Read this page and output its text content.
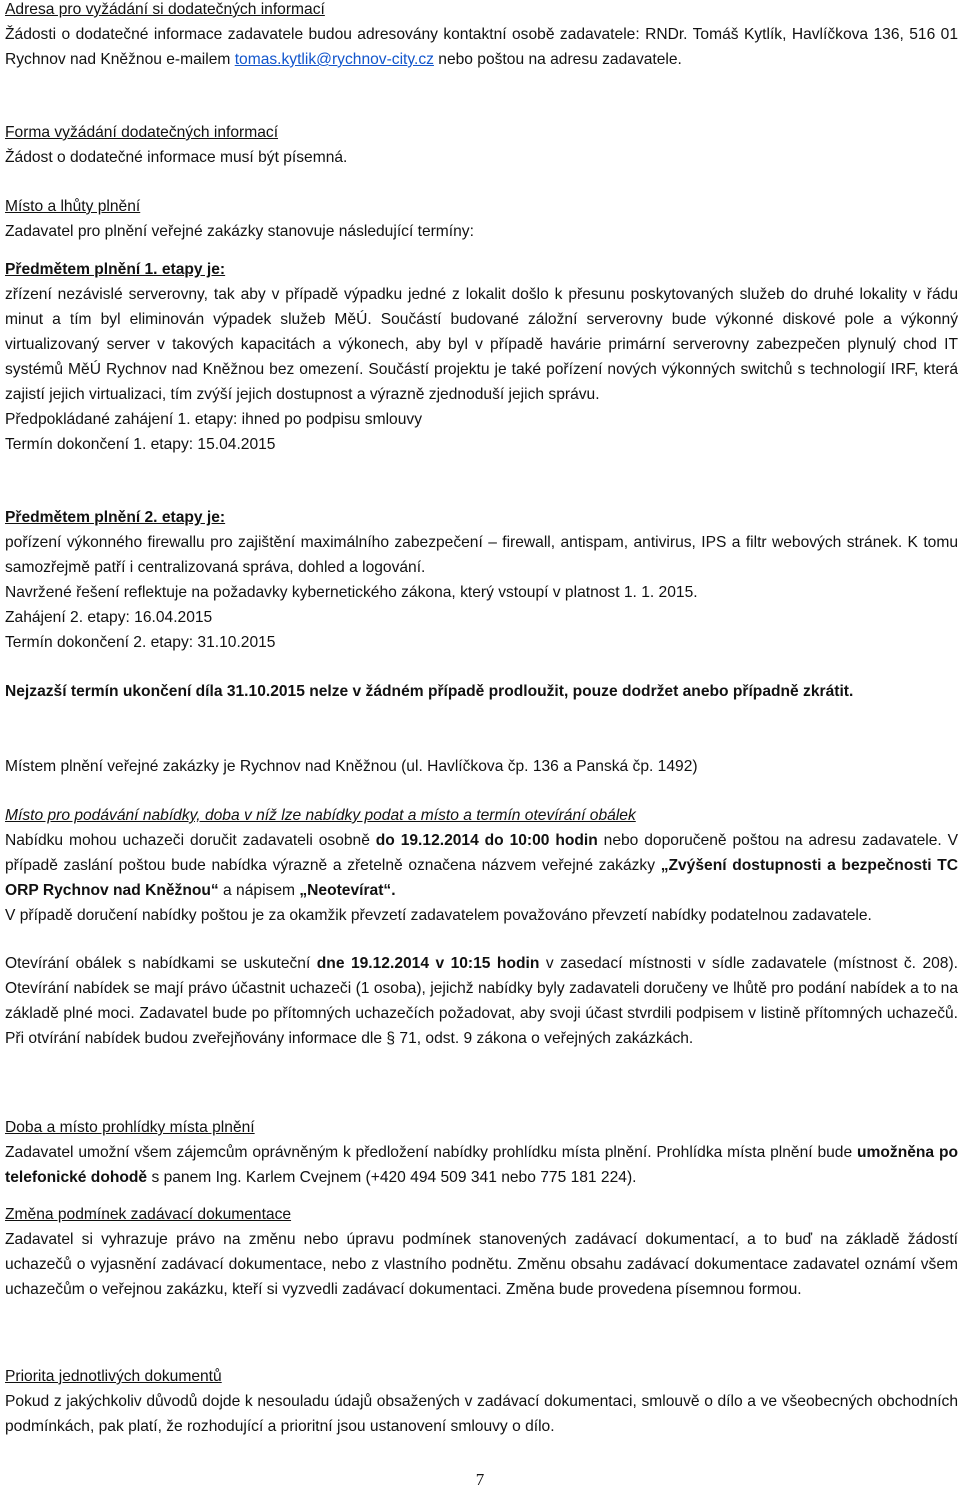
Adresa pro vyžádání si dodatečných informací

Žádosti o dodatečné informace zadavatele budou adresovány kontaktní osobě zadavatele: RNDr. Tomáš Kytlík, Havlíčkova 136, 516 01 Rychnov nad Kněžnou e-mailem tomas.kytlik@rychnov-city.cz nebo poštou na adresu zadavatele.

Forma vyžádání dodatečných informací

Žádost o dodatečné informace musí být písemná.

Místo a lhůty plnění

Zadavatel pro plnění veřejné zakázky stanovuje následující termíny:

Předmětem plnění 1. etapy je:

zřízení nezávislé serverovny, tak aby v případě výpadku jedné z lokalit došlo k přesunu poskytovaných služeb do druhé lokality v řádu minut a tím byl eliminován výpadek služeb MěÚ. Součástí budované záložní serverovny bude výkonné diskové pole a výkonný virtualizovaný server v takových kapacitách a výkonech, aby byl v případě havárie primární serverovny zabezpečen plynulý chod IT systémů MěÚ Rychnov nad Kněžnou bez omezení. Součástí projektu je také pořízení nových výkonných switchů s technologií IRF, která zajistí jejich virtualizaci, tím zvýší jejich dostupnost a výrazně zjednoduší jejich správu.

Předpokládané zahájení 1. etapy: ihned po podpisu smlouvy

Termín dokončení 1. etapy: 15.04.2015

Předmětem plnění 2. etapy je:

pořízení výkonného firewallu pro zajištění maximálního zabezpečení – firewall, antispam, antivirus, IPS a filtr webových stránek. K tomu samozřejmě patří i centralizovaná správa, dohled a logování.

Navržené řešení reflektuje na požadavky kybernetického zákona, který vstoupí v platnost 1. 1. 2015.

Zahájení 2. etapy: 16.04.2015

Termín dokončení 2. etapy: 31.10.2015

Nejzazší termín ukončení díla 31.10.2015 nelze v žádném případě prodloužit, pouze dodržet anebo případně zkrátit.

Místem plnění veřejné zakázky je Rychnov nad Kněžnou (ul. Havlíčkova čp. 136 a Panská čp. 1492)

Místo pro podávání nabídky, doba v níž lze nabídky podat a místo a termín otevírání obálek

Nabídku mohou uchazeči doručit zadavateli osobně do 19.12.2014 do 10:00 hodin nebo doporučeně poštou na adresu zadavatele. V případě zaslání poštou bude nabídka výrazně a zřetelně označena názvem veřejné zakázky „Zvýšení dostupnosti a bezpečnosti TC ORP Rychnov nad Kněžnou“ a nápisem „Neotevírat“.

V případě doručení nabídky poštou je za okamžik převzetí zadavatelem považováno převzetí nabídky podatelnou zadavatele.

Otevírání obálek s nabídkami se uskuteční dne 19.12.2014 v 10:15 hodin v zasedací místnosti v sídle zadavatele (místnost č. 208). Otevírání nabídek se mají právo účastnit uchazeči (1 osoba), jejichž nabídky byly zadavateli doručeny ve lhůtě pro podání nabídek a to na základě plné moci. Zadavatel bude po přítomných uchazečích požadovat, aby svoji účast stvrdili podpisem v listině přítomných uchazečů. Při otvírání nabídek budou zveřejňovány informace dle § 71, odst. 9 zákona o veřejných zakázkách.

Doba a místo prohlídky místa plnění

Zadavatel umožní všem zájemcům oprávněným k předložení nabídky prohlídku místa plnění. Prohlídka místa plnění bude umožněna po telefonické dohodě s panem Ing. Karlem Cvejnem (+420 494 509 341 nebo 775 181 224).

Změna podmínek zadávací dokumentace

Zadavatel si vyhrazuje právo na změnu nebo úpravu podmínek stanovených zadávací dokumentací, a to buď na základě žádostí uchazečů o vyjasnění zadávací dokumentace, nebo z vlastního podnětu. Změnu obsahu zadávací dokumentace zadavatel oznámí všem uchazečům o veřejnou zakázku, kteří si vyzvedli zadávací dokumentaci. Změna bude provedena písemnou formou.

Priorita jednotlivých dokumentů

Pokud z jakýchkoliv důvodů dojde k nesouladu údajů obsažených v zadávací dokumentaci, smlouvě o dílo a ve všeobecných obchodních podmínkách, pak platí, že rozhodující a prioritní jsou ustanovení smlouvy o dílo.

7
